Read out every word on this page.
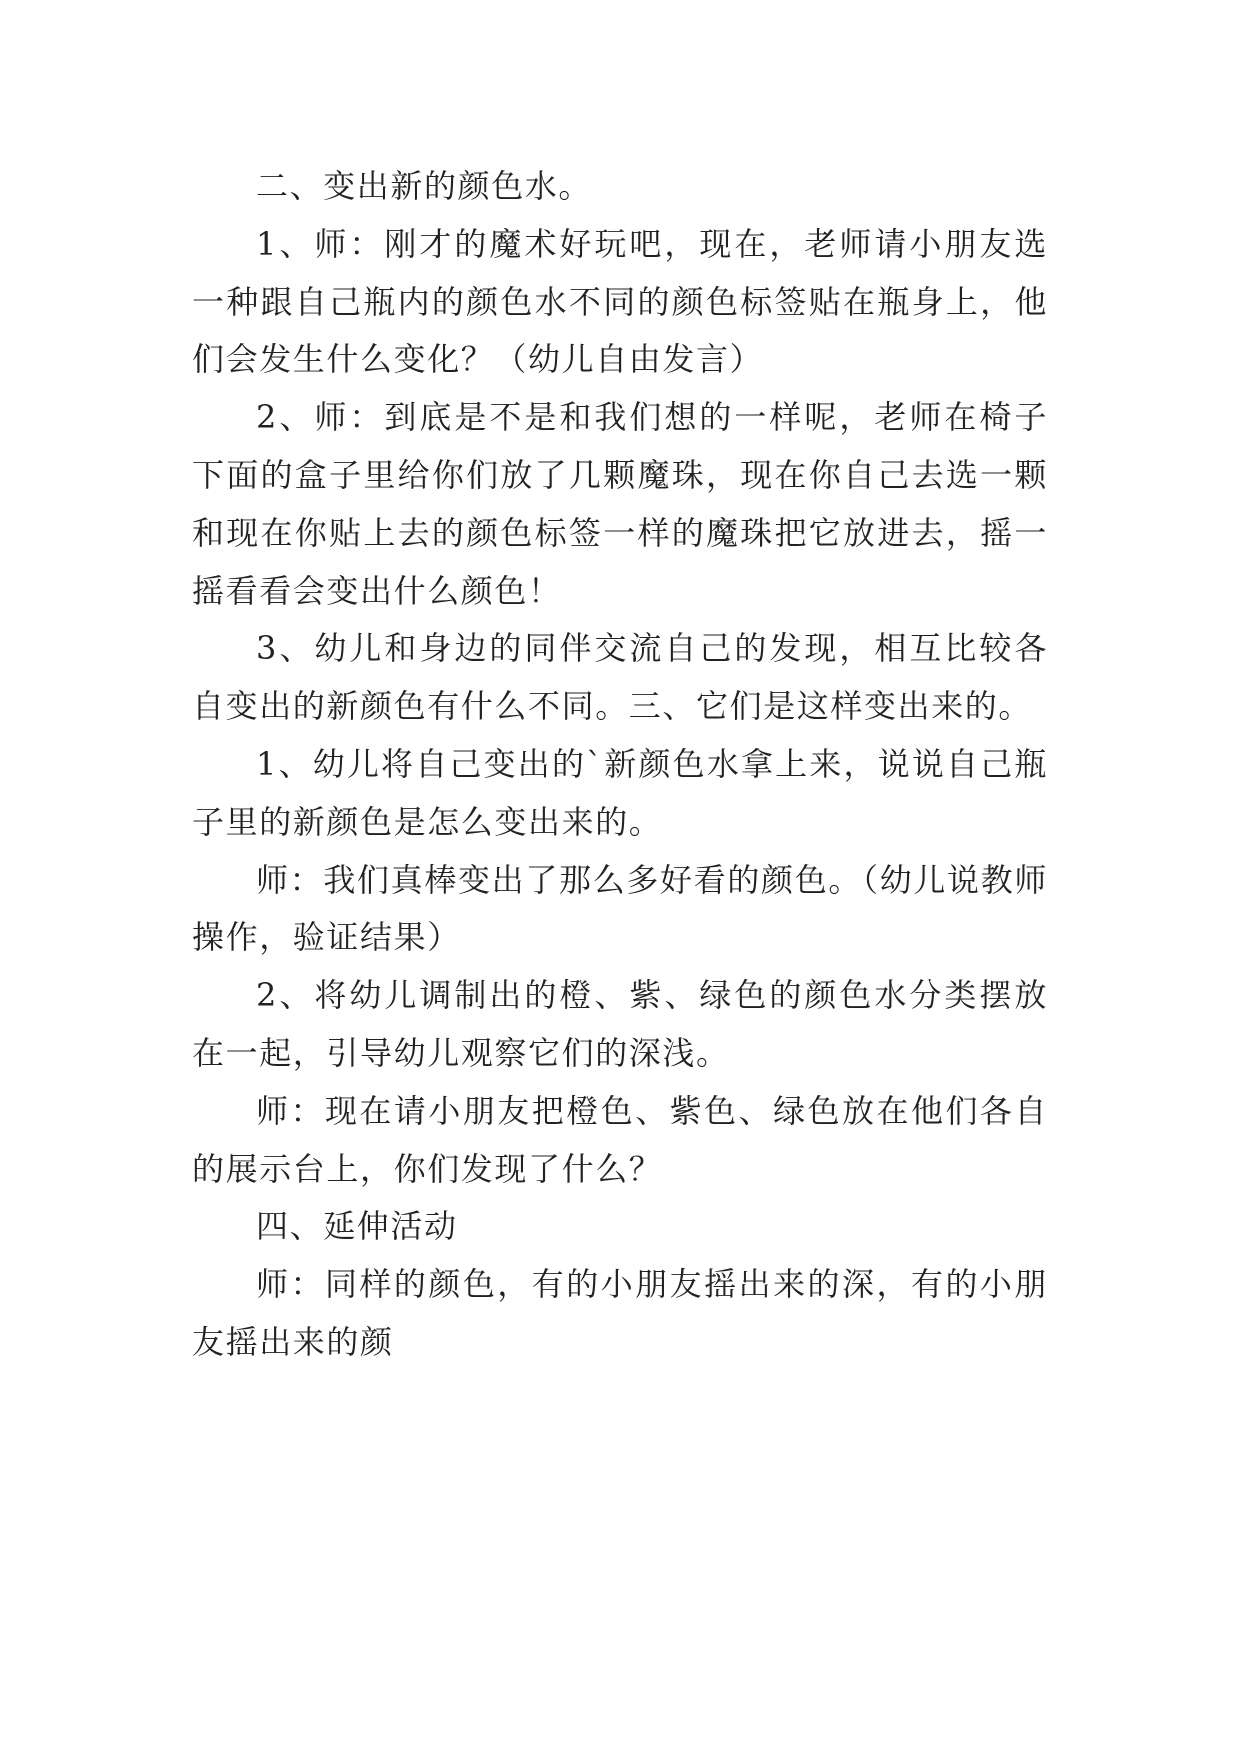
二、变出新的颜色水。

1、师：刚才的魔术好玩吧，现在，老师请小朋友选一种跟自己瓶内的颜色水不同的颜色标签贴在瓶身上，他们会发生什么变化？（幼儿自由发言）

2、师：到底是不是和我们想的一样呢，老师在椅子下面的盒子里给你们放了几颗魔珠，现在你自己去选一颗和现在你贴上去的颜色标签一样的魔珠把它放进去，摇一摇看看会变出什么颜色！

3、幼儿和身边的同伴交流自己的发现，相互比较各自变出的新颜色有什么不同。三、它们是这样变出来的。

1、幼儿将自己变出的`新颜色水拿上来，说说自己瓶子里的新颜色是怎么变出来的。

师：我们真棒变出了那么多好看的颜色。（幼儿说教师操作，验证结果）

2、将幼儿调制出的橙、紫、绿色的颜色水分类摆放在一起，引导幼儿观察它们的深浅。

师：现在请小朋友把橙色、紫色、绿色放在他们各自的展示台上，你们发现了什么？

四、延伸活动

师：同样的颜色，有的小朋友摇出来的深，有的小朋友摇出来的颜
